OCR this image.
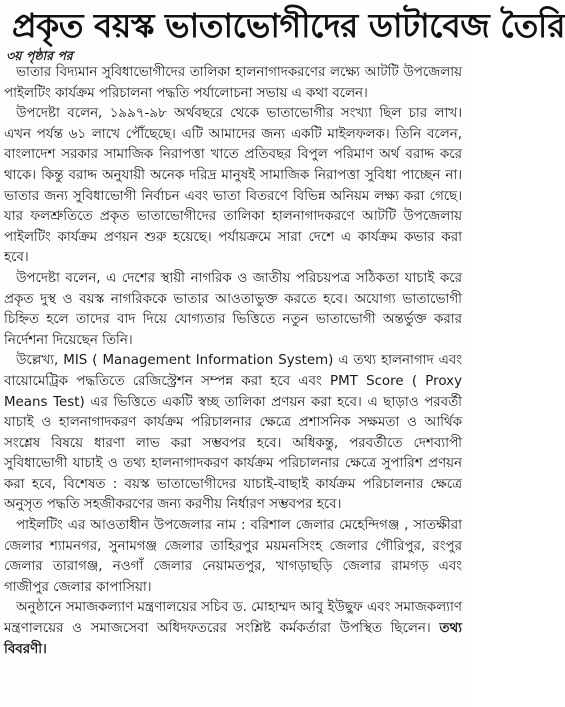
প্রকৃত বয়স্ক ভাতাভোগীদের ডাটাবেজ তৈরি
৩য় পৃষ্ঠার পর

ভাতার বিদ্যমান সুবিধাভোগীদের তালিকা হালনাগাদকরণের লক্ষ্যে আটটি উপজেলায় পাইলটিং কার্যক্রম পরিচালনা পদ্ধতি পর্যালোচনা সভায় এ কথা বলেন।

উপদেষ্টা বলেন, ১৯৯৭-৯৮ অর্থবছরে থেকে ভাতাভোগীর সংখ্যা ছিল চার লাখ। এখন পর্যন্ত ৬১ লাখে পৌঁছেছে। এটি আমাদের জন্য একটি মাইলফলক। তিনি বলেন, বাংলাদেশ সরকার সামাজিক নিরাপত্তা খাতে প্রতিবছর বিপুল পরিমাণ অর্থ বরাদ্দ করে থাকে। কিন্তু বরাদ্দ অনুযায়ী অনেক দরিদ্র মানুষই সামাজিক নিরাপত্তা সুবিধা পাচ্ছেন না। ভাতার জন্য সুবিধাভোগী নির্বাচন এবং ভাতা বিতরণে বিভিন্ন অনিয়ম লক্ষ্য করা গেছে। যার ফলশ্রুতিতে প্রকৃত ভাতাভোগীদের তালিকা হালনাগাদকরণে আটটি উপজেলায় পাইলটিং কার্যক্রম প্রণয়ন শুরু হয়েছে। পর্যায়ক্রমে সারা দেশে এ কার্যক্রম কভার করা হবে।

উপদেষ্টা বলেন, এ দেশের স্থায়ী নাগরিক ও জাতীয় পরিচয়পত্র সঠিকতা যাচাই করে প্রকৃত দুস্থ ও বয়স্ক নাগরিককে ভাতার আওতাভুক্ত করতে হবে। অযোগ্য ভাতাভোগী চিহ্নিত হলে তাদের বাদ দিয়ে যোগ্যতার ভিত্তিতে নতুন ভাতাভোগী অন্তর্ভুক্ত করার নির্দেশনা দিয়েছেন তিনি।

উল্লেখ্য, MIS ( Management Information System) এ তথ্য হালনাগাদ এবং বায়োমেট্রিক পদ্ধতিতে রেজিস্ট্রেশন সম্পন্ন করা হবে এবং PMT Score ( Proxy Means Test) এর ভিত্তিতে একটি স্বচ্ছ তালিকা প্রণয়ন করা হবে। এ ছাড়াও পরবর্তী যাচাই ও হালনাগাদকরণ কার্যক্রম পরিচালনার ক্ষেত্রে প্রশাসনিক সক্ষমতা ও আর্থিক সংশ্লেষ বিষয়ে ধারণা লাভ করা সম্ভবপর হবে। অধিকন্তু, পরবর্তীতে দেশব্যাপী সুবিধাভোগী যাচাই ও তথ্য হালনাগাদকরণ কার্যক্রম পরিচালনার ক্ষেত্রে সুপারিশ প্রণয়ন করা হবে, বিশেষত : বয়স্ক ভাতাভোগীদের যাচাই-বাছাই কার্যক্রম পরিচালনার ক্ষেত্রে অনুসৃত পদ্ধতি সহজীকরণের জন্য করণীয় নির্ধারণ সম্ভবপর হবে।

পাইলটিং এর আওতাধীন উপজেলার নাম : বরিশাল জেলার মেহেন্দিগঞ্জ , সাতক্ষীরা জেলার শ্যামনগর, সুনামগঞ্জ জেলার তাহিরপুর ময়মনসিংহ জেলার গৌরিপুর, রংপুর জেলার তারাগঞ্জ, নওগাঁ জেলার নেয়ামতপুর, খাগড়াছড়ি জেলার রামগড় এবং গাজীপুর জেলার কাপাসিয়া।

অনুষ্ঠানে সমাজকল্যাণ মন্ত্রণালয়ের সচিব ড. মোহাম্মদ আবু ইউছুফ এবং সমাজকল্যাণ মন্ত্রণালয়ের ও সমাজসেবা অধিদফতরের সংশ্লিষ্ট কর্মকর্তারা উপস্থিত ছিলেন। তথ্য বিবরণী।
